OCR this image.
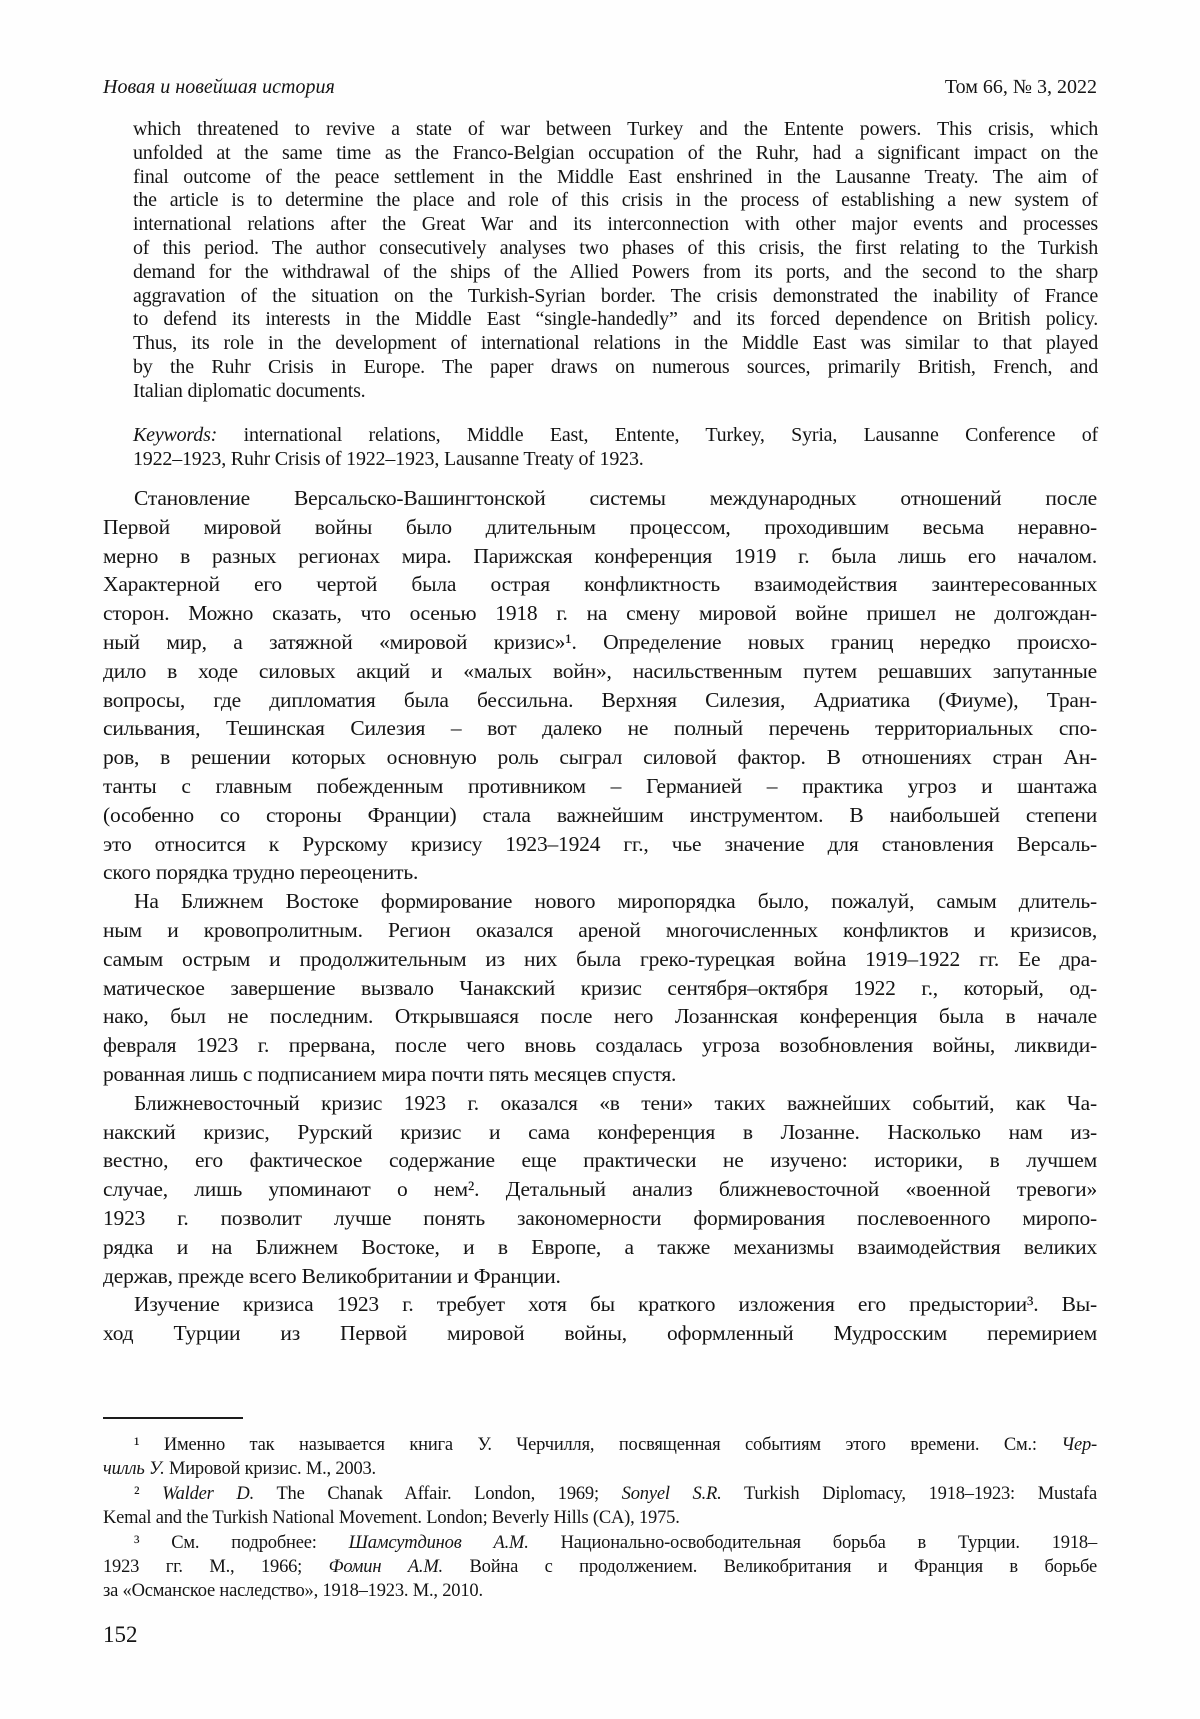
Новая и новейшая история	Том 66, № 3, 2022
which threatened to revive a state of war between Turkey and the Entente powers. This crisis, which
unfolded at the same time as the Franco-Belgian occupation of the Ruhr, had a significant impact on the
final outcome of the peace settlement in the Middle East enshrined in the Lausanne Treaty. The aim of
the article is to determine the place and role of this crisis in the process of establishing a new system of
international relations after the Great War and its interconnection with other major events and processes
of this period. The author consecutively analyses two phases of this crisis, the first relating to the Turkish
demand for the withdrawal of the ships of the Allied Powers from its ports, and the second to the sharp
aggravation of the situation on the Turkish-Syrian border. The crisis demonstrated the inability of France
to defend its interests in the Middle East “single-handedly” and its forced dependence on British policy.
Thus, its role in the development of international relations in the Middle East was similar to that played
by the Ruhr Crisis in Europe. The paper draws on numerous sources, primarily British, French, and
Italian diplomatic documents.
Keywords: international relations, Middle East, Entente, Turkey, Syria, Lausanne Conference of
1922–1923, Ruhr Crisis of 1922–1923, Lausanne Treaty of 1923.
Становление Версальско-Вашингтонской системы международных отношений после
Первой мировой войны было длительным процессом, проходившим весьма неравно-
мерно в разных регионах мира. Парижская конференция 1919 г. была лишь его началом.
Характерной его чертой была острая конфликтность взаимодействия заинтересованных
сторон. Можно сказать, что осенью 1918 г. на смену мировой войне пришел не долгождан-
ный мир, а затяжной «мировой кризис»¹. Определение новых границ нередко происхо-
дило в ходе силовых акций и «малых войн», насильственным путем решавших запутанные
вопросы, где дипломатия была бессильна. Верхняя Силезия, Адриатика (Фиуме), Тран-
сильвания, Тешинская Силезия – вот далеко не полный перечень территориальных спо-
ров, в решении которых основную роль сыграл силовой фактор. В отношениях стран Ан-
танты с главным побежденным противником – Германией – практика угроз и шантажа
(особенно со стороны Франции) стала важнейшим инструментом. В наибольшей степени
это относится к Рурскому кризису 1923–1924 гг., чье значение для становления Версаль-
ского порядка трудно переоценить.
На Ближнем Востоке формирование нового миропорядка было, пожалуй, самым длитель-
ным и кровопролитным. Регион оказался ареной многочисленных конфликтов и кризисов,
самым острым и продолжительным из них была греко-турецкая война 1919–1922 гг. Ее дра-
матическое завершение вызвало Чанакский кризис сентября–октября 1922 г., который, од-
нако, был не последним. Открывшаяся после него Лозаннская конференция была в начале
февраля 1923 г. прервана, после чего вновь создалась угроза возобновления войны, ликвиди-
рованная лишь с подписанием мира почти пять месяцев спустя.
Ближневосточный кризис 1923 г. оказался «в тени» таких важнейших событий, как Ча-
накский кризис, Рурский кризис и сама конференция в Лозанне. Насколько нам из-
вестно, его фактическое содержание еще практически не изучено: историки, в лучшем
случае, лишь упоминают о нем². Детальный анализ ближневосточной «военной тревоги»
1923 г. позволит лучше понять закономерности формирования послевоенного миропо-
рядка и на Ближнем Востоке, и в Европе, а также механизмы взаимодействия великих
держав, прежде всего Великобритании и Франции.
Изучение кризиса 1923 г. требует хотя бы краткого изложения его предыстории³. Вы-
ход Турции из Первой мировой войны, оформленный Мудросским перемирием
¹ Именно так называется книга У. Черчилля, посвященная событиям этого времени. См.: Чер-
чилль У. Мировой кризис. М., 2003.
² Walder D. The Chanak Affair. London, 1969; Sonyel S.R. Turkish Diplomacy, 1918–1923: Mustafa
Kemal and the Turkish National Movement. London; Beverly Hills (CA), 1975.
³ См. подробнее: Шамсутдинов А.М. Национально-освободительная борьба в Турции. 1918–
1923 гг. М., 1966; Фомин А.М. Война с продолжением. Великобритания и Франция в борьбе
за «Османское наследство», 1918–1923. М., 2010.
152
